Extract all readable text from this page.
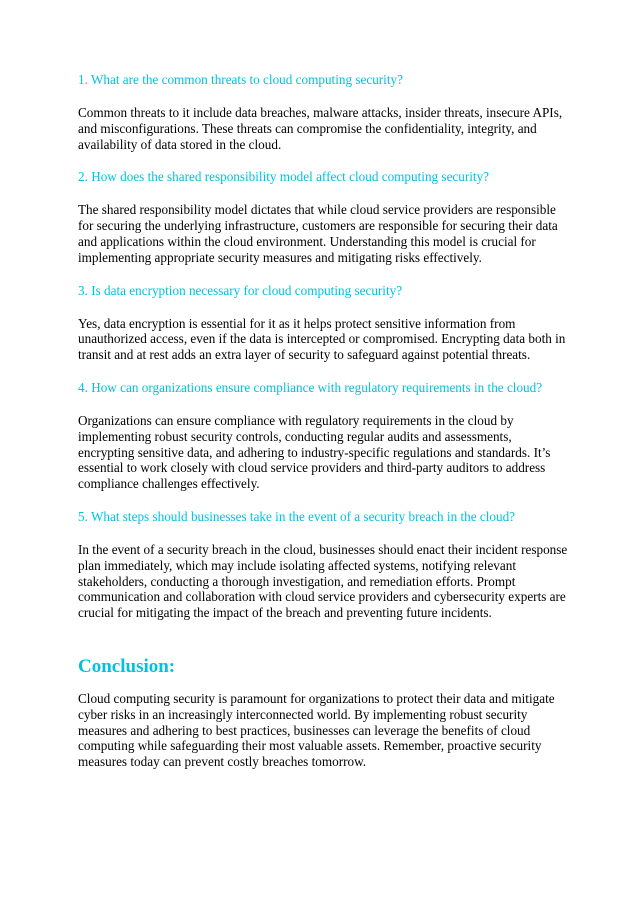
1. What are the common threats to cloud computing security?

Common threats to it include data breaches, malware attacks, insider threats, insecure APIs, and misconfigurations. These threats can compromise the confidentiality, integrity, and availability of data stored in the cloud.

2. How does the shared responsibility model affect cloud computing security?

The shared responsibility model dictates that while cloud service providers are responsible for securing the underlying infrastructure, customers are responsible for securing their data and applications within the cloud environment. Understanding this model is crucial for implementing appropriate security measures and mitigating risks effectively.

3. Is data encryption necessary for cloud computing security?

Yes, data encryption is essential for it as it helps protect sensitive information from unauthorized access, even if the data is intercepted or compromised. Encrypting data both in transit and at rest adds an extra layer of security to safeguard against potential threats.

4. How can organizations ensure compliance with regulatory requirements in the cloud?

Organizations can ensure compliance with regulatory requirements in the cloud by implementing robust security controls, conducting regular audits and assessments, encrypting sensitive data, and adhering to industry-specific regulations and standards. It’s essential to work closely with cloud service providers and third-party auditors to address compliance challenges effectively.

5. What steps should businesses take in the event of a security breach in the cloud?

In the event of a security breach in the cloud, businesses should enact their incident response plan immediately, which may include isolating affected systems, notifying relevant stakeholders, conducting a thorough investigation, and remediation efforts. Prompt communication and collaboration with cloud service providers and cybersecurity experts are crucial for mitigating the impact of the breach and preventing future incidents.

Conclusion:

Cloud computing security is paramount for organizations to protect their data and mitigate cyber risks in an increasingly interconnected world. By implementing robust security measures and adhering to best practices, businesses can leverage the benefits of cloud computing while safeguarding their most valuable assets. Remember, proactive security measures today can prevent costly breaches tomorrow.
